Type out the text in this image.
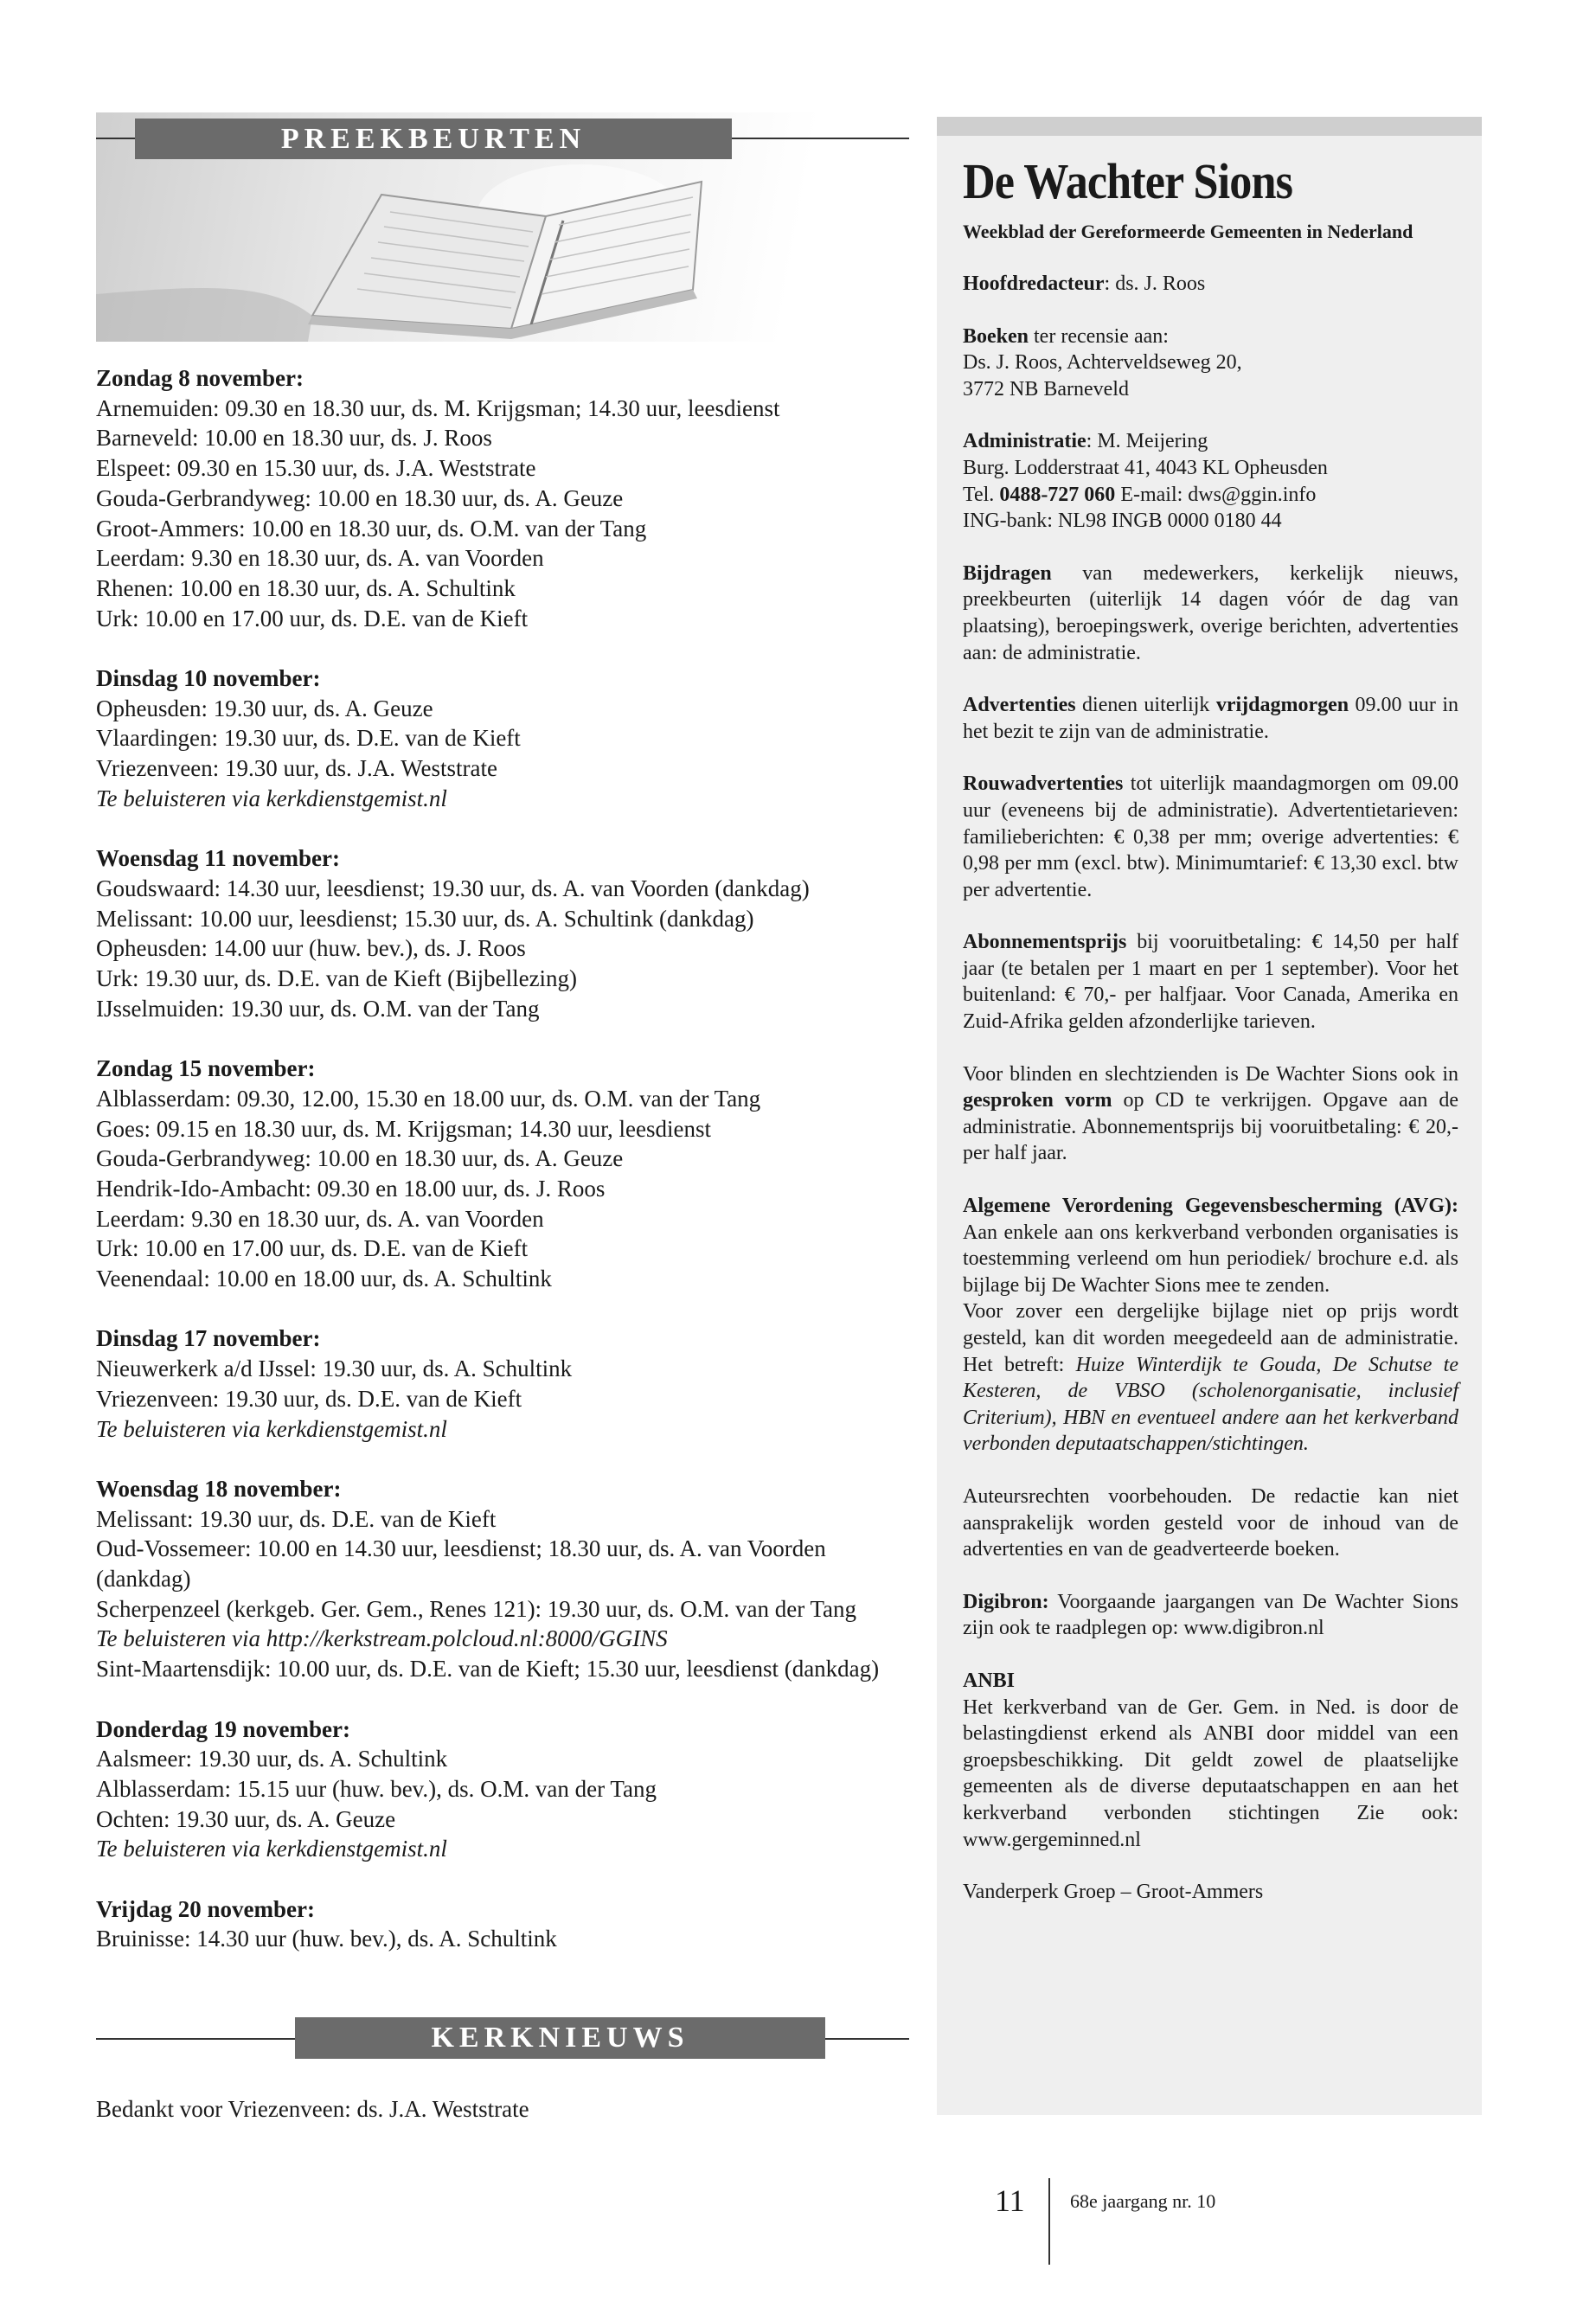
PREEKBEURTEN
Zondag 8 november:
Arnemuiden: 09.30 en 18.30 uur, ds. M. Krijgsman; 14.30 uur, leesdienst
Barneveld: 10.00 en 18.30 uur, ds. J. Roos
Elspeet: 09.30 en 15.30 uur, ds. J.A. Weststrate
Gouda-Gerbrandyweg: 10.00 en 18.30 uur, ds. A. Geuze
Groot-Ammers: 10.00 en 18.30 uur, ds. O.M. van der Tang
Leerdam: 9.30 en 18.30 uur, ds. A. van Voorden
Rhenen: 10.00 en 18.30 uur, ds. A. Schultink
Urk: 10.00 en 17.00 uur, ds. D.E. van de Kieft
Dinsdag 10 november:
Opheusden: 19.30 uur, ds. A. Geuze
Vlaardingen: 19.30 uur, ds. D.E. van de Kieft
Vriezenveen: 19.30 uur, ds. J.A. Weststrate
Te beluisteren via kerkdienstgemist.nl
Woensdag 11 november:
Goudswaard: 14.30 uur, leesdienst; 19.30 uur, ds. A. van Voorden (dankdag)
Melissant: 10.00 uur, leesdienst; 15.30 uur, ds. A. Schultink (dankdag)
Opheusden: 14.00 uur (huw. bev.), ds. J. Roos
Urk: 19.30 uur, ds. D.E. van de Kieft (Bijbellezing)
IJsselmuiden: 19.30 uur, ds. O.M. van der Tang
Zondag 15 november:
Alblasserdam: 09.30, 12.00, 15.30 en 18.00 uur, ds. O.M. van der Tang
Goes: 09.15 en 18.30 uur, ds. M. Krijgsman; 14.30 uur, leesdienst
Gouda-Gerbrandyweg: 10.00 en 18.30 uur, ds. A. Geuze
Hendrik-Ido-Ambacht: 09.30 en 18.00 uur, ds. J. Roos
Leerdam: 9.30 en 18.30 uur, ds. A. van Voorden
Urk: 10.00 en 17.00 uur, ds. D.E. van de Kieft
Veenendaal: 10.00 en 18.00 uur, ds. A. Schultink
Dinsdag 17 november:
Nieuwerkerk a/d IJssel: 19.30 uur, ds. A. Schultink
Vriezenveen: 19.30 uur, ds. D.E. van de Kieft
Te beluisteren via kerkdienstgemist.nl
Woensdag 18 november:
Melissant: 19.30 uur, ds. D.E. van de Kieft
Oud-Vossemeer: 10.00 en 14.30 uur, leesdienst; 18.30 uur, ds. A. van Voorden (dankdag)
Scherpenzeel (kerkgeb. Ger. Gem., Renes 121): 19.30 uur, ds. O.M. van der Tang
Te beluisteren via http://kerkstream.polcloud.nl:8000/GGINS
Sint-Maartensdijk: 10.00 uur, ds. D.E. van de Kieft; 15.30 uur, leesdienst (dankdag)
Donderdag 19 november:
Aalsmeer: 19.30 uur, ds. A. Schultink
Alblasserdam: 15.15 uur (huw. bev.), ds. O.M. van der Tang
Ochten: 19.30 uur, ds. A. Geuze
Te beluisteren via kerkdienstgemist.nl
Vrijdag 20 november:
Bruinisse: 14.30 uur (huw. bev.), ds. A. Schultink
KERKNIEUWS
Bedankt voor Vriezenveen: ds. J.A. Weststrate
De Wachter Sions
Weekblad der Gereformeerde Gemeenten in Nederland
Hoofdredacteur: ds. J. Roos
Boeken ter recensie aan:
Ds. J. Roos, Achterveldseweg 20,
3772 NB Barneveld
Administratie: M. Meijering
Burg. Lodderstraat 41, 4043 KL Opheusden
Tel. 0488-727 060 E-mail: dws@ggin.info
ING-bank: NL98 INGB 0000 0180 44
Bijdragen van medewerkers, kerkelijk nieuws, preekbeurten (uiterlijk 14 dagen vóór de dag van plaatsing), beroepingswerk, overige berichten, advertenties aan: de administratie.
Advertenties dienen uiterlijk vrijdagmorgen 09.00 uur in het bezit te zijn van de administratie.
Rouwadvertenties tot uiterlijk maandagmorgen om 09.00 uur (eveneens bij de administratie). Advertentietarieven: familieberichten: € 0,38 per mm; overige advertenties: € 0,98 per mm (excl. btw). Minimumtarief: € 13,30 excl. btw per advertentie.
Abonnementsprijs bij vooruitbetaling: € 14,50 per half jaar (te betalen per 1 maart en per 1 september). Voor het buitenland: € 70,- per halfjaar. Voor Canada, Amerika en Zuid-Afrika gelden afzonderlijke tarieven.
Voor blinden en slechtzienden is De Wachter Sions ook in gesproken vorm op CD te verkrijgen. Opgave aan de administratie. Abonnementsprijs bij vooruitbetaling: € 20,- per half jaar.
Algemene Verordening Gegevensbescherming (AVG): Aan enkele aan ons kerkverband verbonden organisaties is toestemming verleend om hun periodiek/ brochure e.d. als bijlage bij De Wachter Sions mee te zenden.
Voor zover een dergelijke bijlage niet op prijs wordt gesteld, kan dit worden meegedeeld aan de administratie. Het betreft: Huize Winterdijk te Gouda, De Schutse te Kesteren, de VBSO (scholenorganisatie, inclusief Criterium), HBN en eventueel andere aan het kerkverband verbonden deputaatschappen/stichtingen.
Auteursrechten voorbehouden. De redactie kan niet aansprakelijk worden gesteld voor de inhoud van de advertenties en van de geadverteerde boeken.
Digibron: Voorgaande jaargangen van De Wachter Sions zijn ook te raadplegen op: www.digibron.nl
ANBI
Het kerkverband van de Ger. Gem. in Ned. is door de belastingdienst erkend als ANBI door middel van een groepsbeschikking. Dit geldt zowel de plaatselijke gemeenten als de diverse deputaatschappen en aan het kerkverband verbonden stichtingen Zie ook: www.gergeminned.nl
Vanderperk Groep – Groot-Ammers
11 68e jaargang nr. 10
